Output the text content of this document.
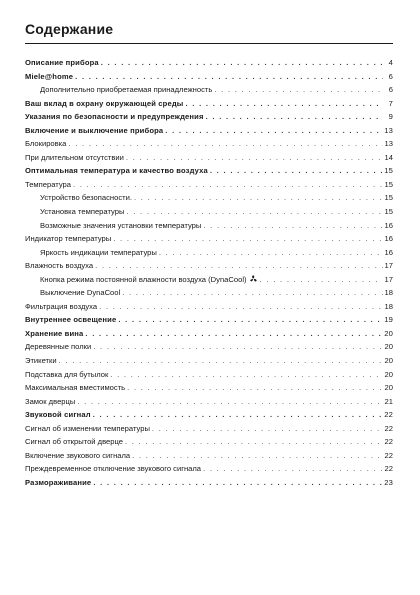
Содержание
Описание прибора . . .	4
Miele@home . . .	6
Дополнительно приобретаемая принадлежность . . .	6
Ваш вклад в охрану окружающей среды . . .	7
Указания по безопасности и предупреждения . . .	9
Включение и выключение прибора . . .	13
Блокировка . . .	13
При длительном отсутствии . . .	14
Оптимальная температура и качество воздуха . . .	15
Температура . . .	15
Устройство безопасности. . . .	15
Установка температуры . . .	15
Возможные значения установки температуры . . .	16
Индикатор температуры . . .	16
Яркость индикации температуры . . .	16
Влажность воздуха . . .	17
Кнопка режима постоянной влажности воздуха (DynaCool) . . .	17
Выключение DynaCool . . .	18
Фильтрация воздуха . . .	18
Внутреннее освещение . . .	19
Хранение вина . . .	20
Деревянные полки . . .	20
Этикетки . . .	20
Подставка для бутылок . . .	20
Максимальная вместимость . . .	20
Замок дверцы . . .	21
Звуковой сигнал . . .	22
Сигнал об изменении температуры . . .	22
Сигнал об открытой дверце . . .	22
Включение звукового сигнала . . .	22
Преждевременное отключение звукового сигнала . . .	22
Размораживание . . .	23
